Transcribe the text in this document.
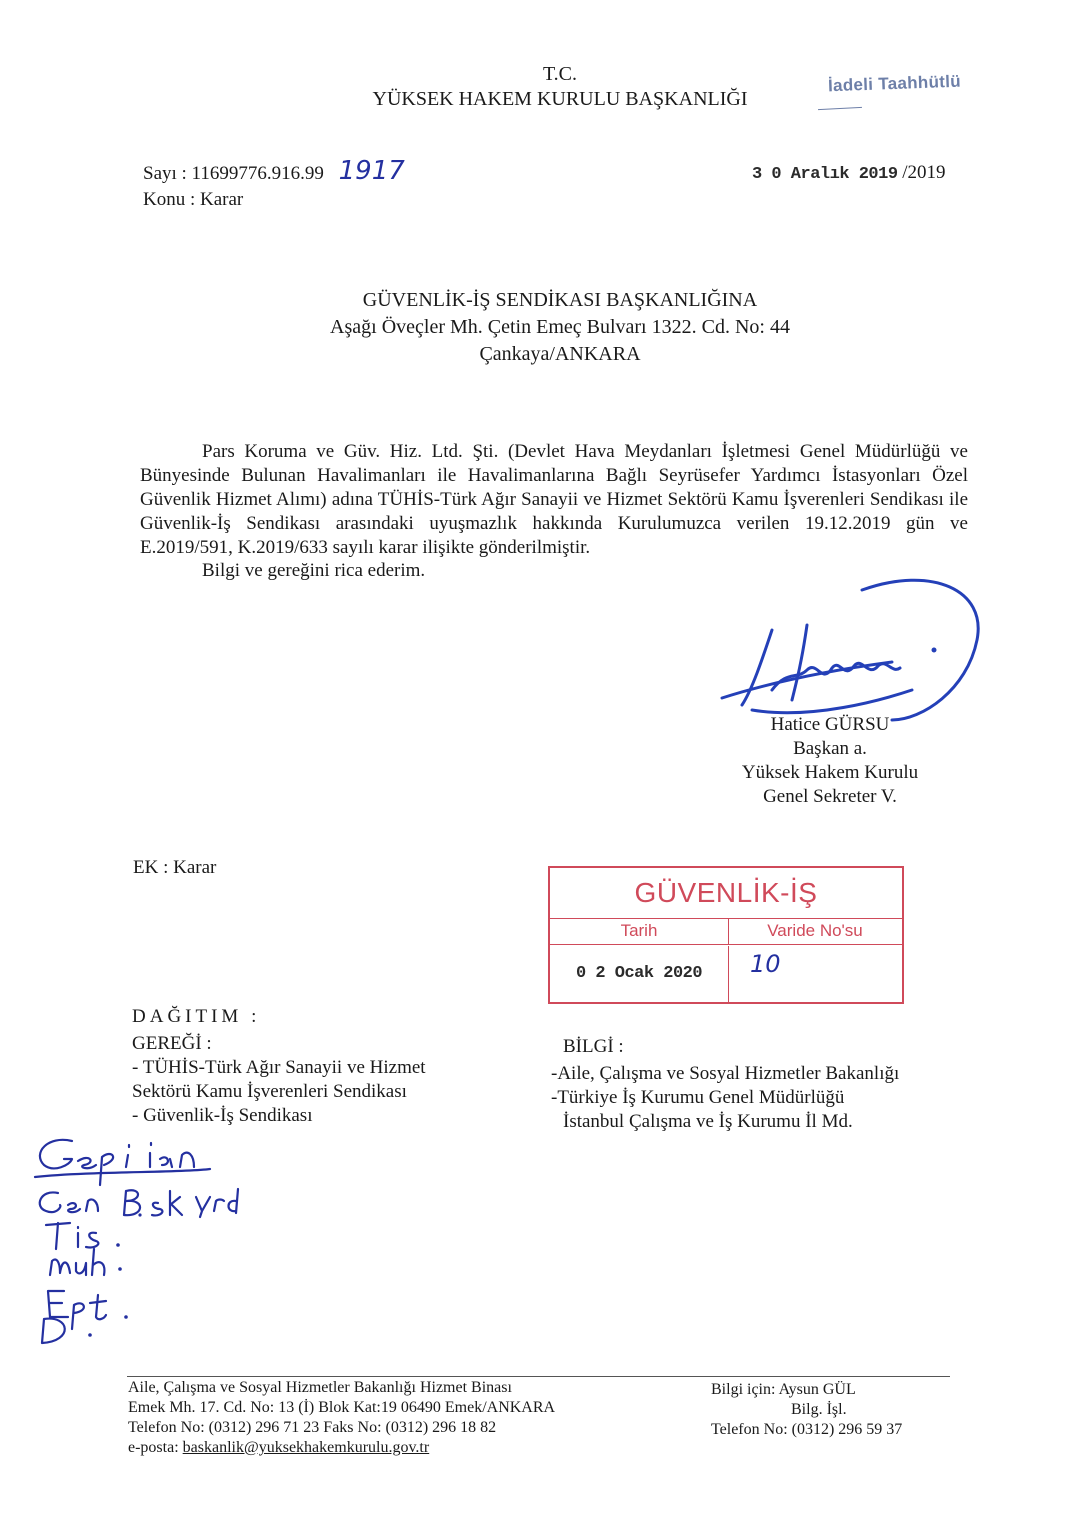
T.C.
YÜKSEK HAKEM KURULU BAŞKANLIĞI
İadeli Taahhütlü
Sayı : 11699776.916.99 1917
Konu : Karar
3 0 Aralık 2019 /2019
GÜVENLİK-İŞ SENDİKASI BAŞKANLIĞINA
Aşağı Öveçler Mh. Çetin Emeç Bulvarı 1322. Cd. No: 44
Çankaya/ANKARA

Pars Koruma ve Güv. Hiz. Ltd. Şti. (Devlet Hava Meydanları İşletmesi Genel Müdürlüğü ve Bünyesinde Bulunan Havalimanları ile Havalimanlarına Bağlı Seyrüsefer Yardımcı İstasyonları Özel Güvenlik Hizmet Alımı) adına TÜHİS-Türk Ağır Sanayii ve Hizmet Sektörü Kamu İşverenleri Sendikası ile Güvenlik-İş Sendikası arasındaki uyuşmazlık hakkında Kurulumuzca verilen 19.12.2019 gün ve E.2019/591, K.2019/633 sayılı karar ilişikte gönderilmiştir.

Bilgi ve gereğini rica ederim.
Hatice GÜRSU
Başkan a.
Yüksek Hakem Kurulu
Genel Sekreter V.
EK : Karar
GÜVENLİK-İŞ
Tarih	Varide No'su
0 2 Ocak 2020	10
DAĞITIM :
GEREĞİ :
- TÜHİS-Türk Ağır Sanayii ve Hizmet
Sektörü Kamu İşverenleri Sendikası
- Güvenlik-İş Sendikası
BİLGİ :
-Aile, Çalışma ve Sosyal Hizmetler Bakanlığı
-Türkiye İş Kurumu Genel Müdürlüğü
İstanbul Çalışma ve İş Kurumu İl Md.
Aile, Çalışma ve Sosyal Hizmetler Bakanlığı Hizmet Binası
Emek Mh. 17. Cd. No: 13 (İ) Blok Kat:19 06490 Emek/ANKARA
Telefon No: (0312) 296 71 23 Faks No: (0312) 296 18 82
e-posta: baskanlik@yuksekhakemkurulu.gov.tr
Bilgi için: Aysun GÜL
Bilg. İşl.
Telefon No: (0312) 296 59 37
